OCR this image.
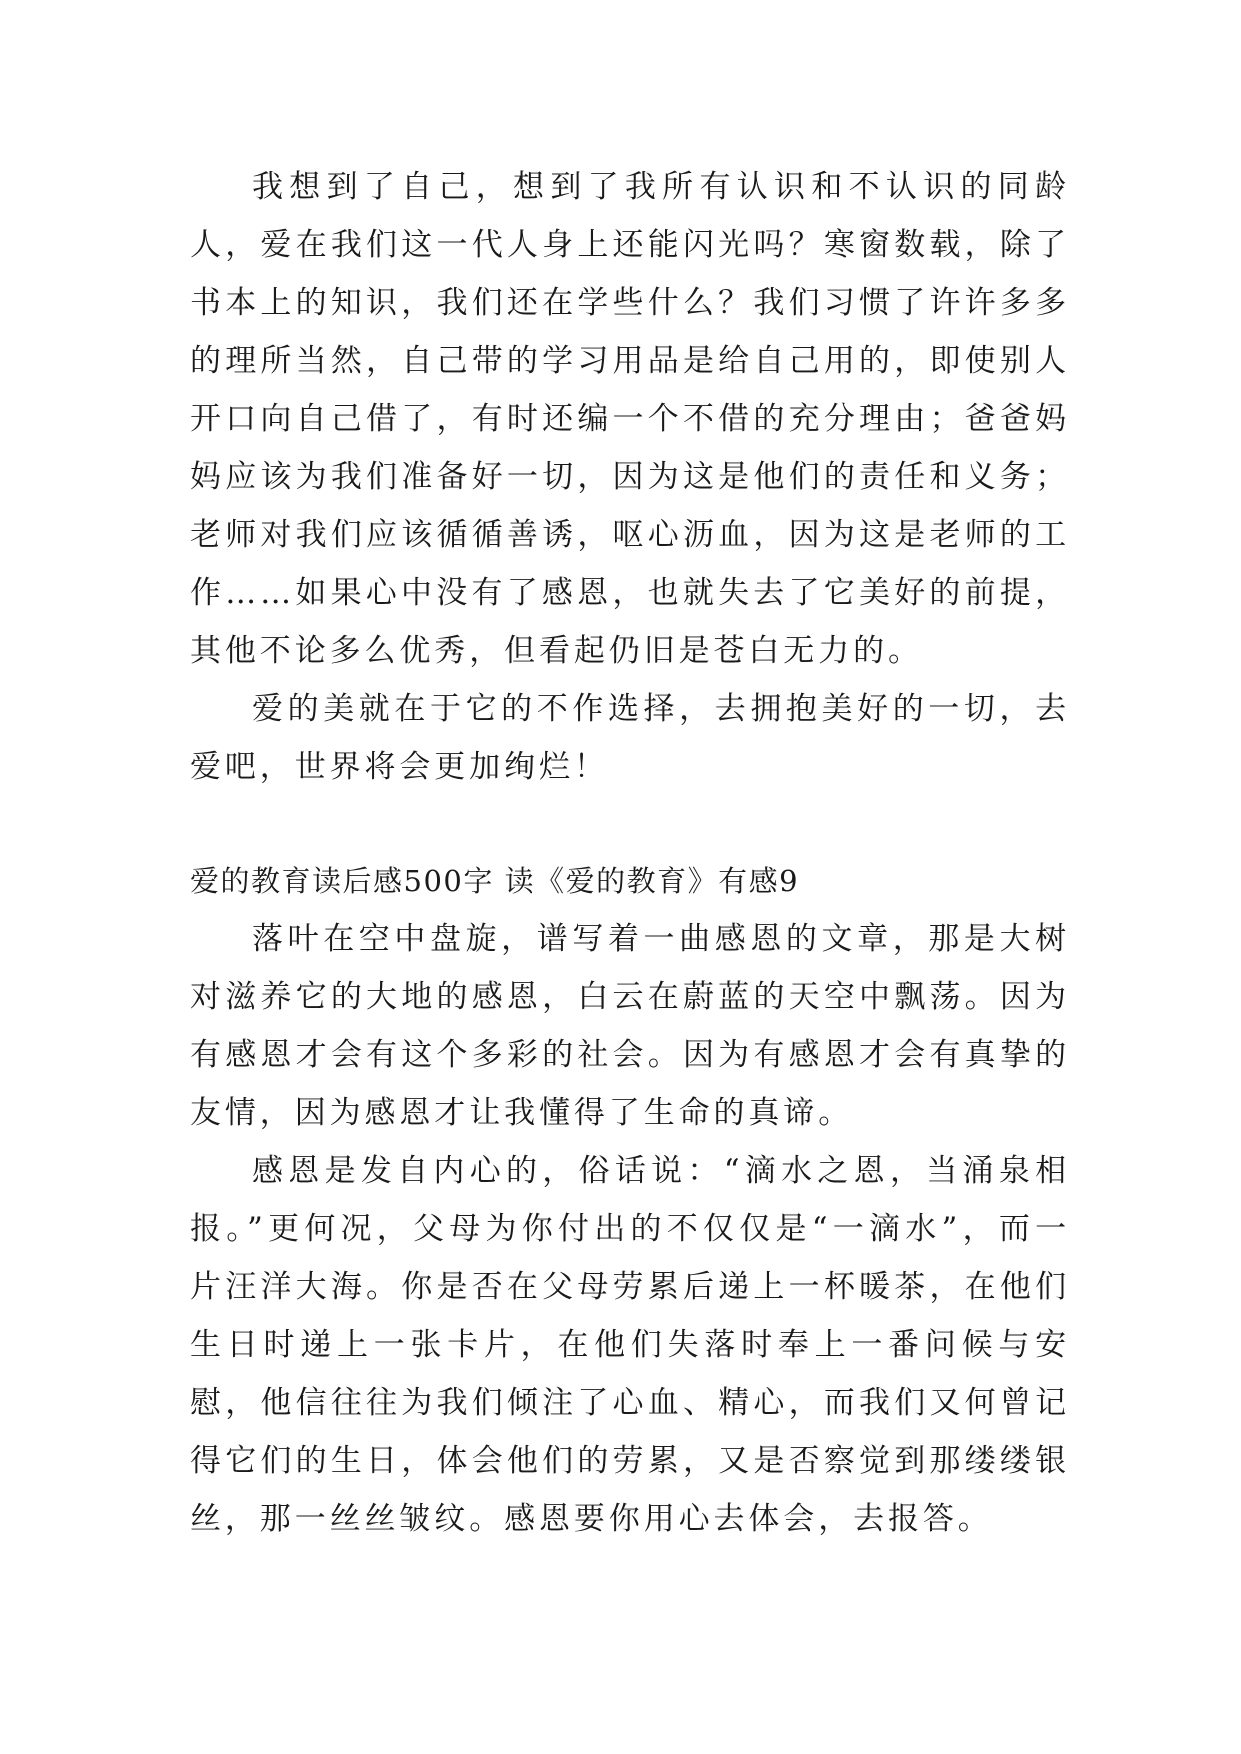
我想到了自己，想到了我所有认识和不认识的同龄人，爱在我们这一代人身上还能闪光吗？寒窗数载，除了书本上的知识，我们还在学些什么？我们习惯了许许多多的理所当然，自己带的学习用品是给自己用的，即使别人开口向自己借了，有时还编一个不借的充分理由；爸爸妈妈应该为我们准备好一切，因为这是他们的责任和义务；老师对我们应该循循善诱，呕心沥血，因为这是老师的工作……如果心中没有了感恩，也就失去了它美好的前提，其他不论多么优秀，但看起仍旧是苍白无力的。

爱的美就在于它的不作选择，去拥抱美好的一切，去爱吧，世界将会更加绚烂！

爱的教育读后感500字 读《爱的教育》有感9

落叶在空中盘旋，谱写着一曲感恩的文章，那是大树对滋养它的大地的感恩，白云在蔚蓝的天空中飘荡。因为有感恩才会有这个多彩的社会。因为有感恩才会有真挚的友情，因为感恩才让我懂得了生命的真谛。

感恩是发自内心的，俗话说：“滴水之恩，当涌泉相报。”更何况，父母为你付出的不仅仅是“一滴水”，而一片汪洋大海。你是否在父母劳累后递上一杯暖茶，在他们生日时递上一张卡片，在他们失落时奉上一番问候与安慰，他信往往为我们倾注了心血、精心，而我们又何曾记得它们的生日，体会他们的劳累，又是否察觉到那缕缕银丝，那一丝丝皱纹。感恩要你用心去体会，去报答。
